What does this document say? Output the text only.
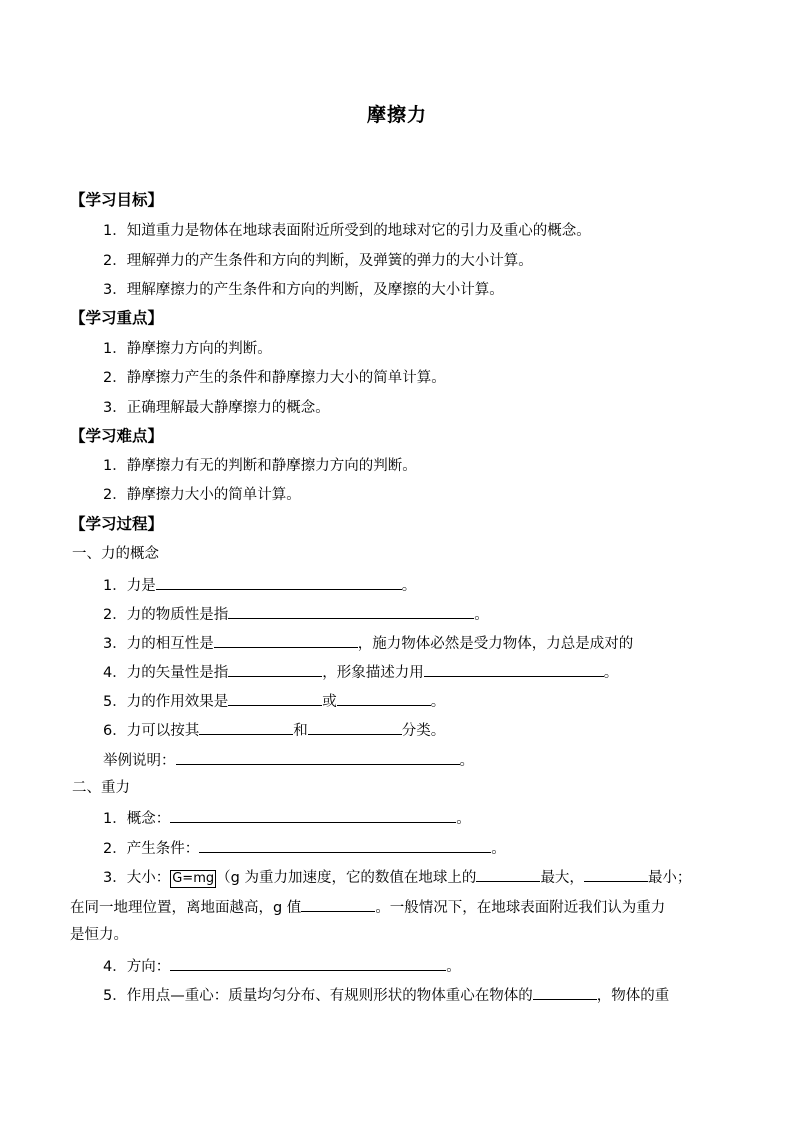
摩擦力
【学习目标】
1．知道重力是物体在地球表面附近所受到的地球对它的引力及重心的概念。
2．理解弹力的产生条件和方向的判断，及弹簧的弹力的大小计算。
3．理解摩擦力的产生条件和方向的判断，及摩擦的大小计算。
【学习重点】
1．静摩擦力方向的判断。
2．静摩擦力产生的条件和静摩擦力大小的简单计算。
3．正确理解最大静摩擦力的概念。
【学习难点】
1．静摩擦力有无的判断和静摩擦力方向的判断。
2．静摩擦力大小的简单计算。
【学习过程】
一、力的概念
1．力是	。
2．力的物质性是指	。
3．力的相互性是	，施力物体必然是受力物体，力总是成对的
4．力的矢量性是指	，形象描述力用	。
5．力的作用效果是	或	。
6．力可以按其	和	分类。
举例说明：	。
二、重力
1．概念：	。
2．产生条件：	。
3．大小： G=mg （g 为重力加速度，它的数值在地球上的	最大，	最小；
在同一地理位置，离地面越高，g 值	。一般情况下，在地球表面附近我们认为重力
是恒力。
4．方向：	。
5．作用点—重心：质量均匀分布、有规则形状的物体重心在物体的	，物体的重
